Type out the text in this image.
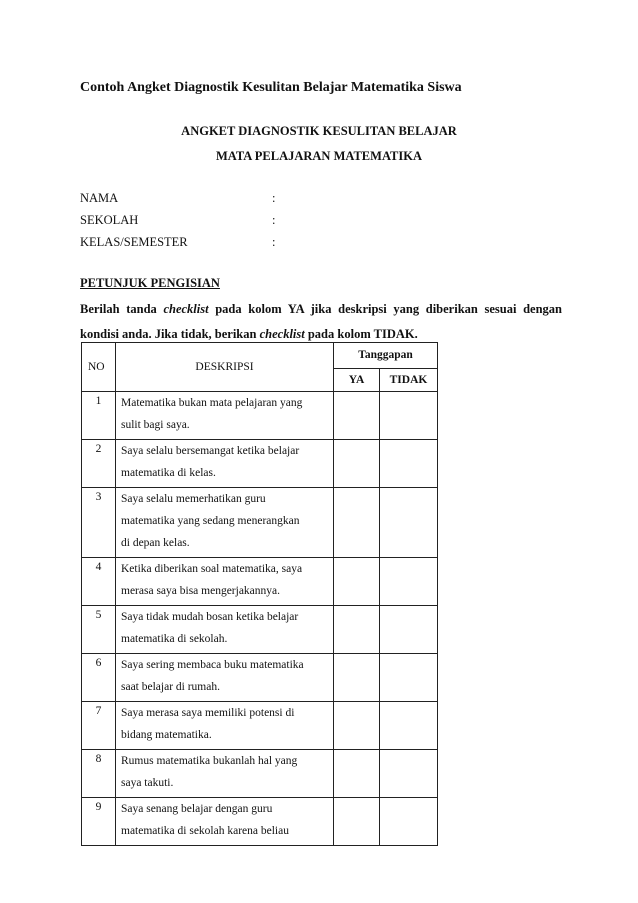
Contoh Angket Diagnostik Kesulitan Belajar Matematika Siswa
ANGKET DIAGNOSTIK KESULITAN BELAJAR
MATA PELAJARAN MATEMATIKA
NAMA	:
SEKOLAH	:
KELAS/SEMESTER	:
PETUNJUK PENGISIAN
Berilah tanda checklist pada kolom YA jika deskripsi yang diberikan sesuai dengan
kondisi anda. Jika tidak, berikan checklist pada kolom TIDAK.
NO	DESKRIPSI	Tanggapan	
		YA	TIDAK
1	Matematika bukan mata pelajaran yang
sulit bagi saya.		

2	Saya selalu bersemangat ketika belajar
matematika di kelas.		

3	Saya selalu memerhatikan guru
matematika yang sedang menerangkan
di depan kelas.		

4	Ketika diberikan soal matematika, saya
merasa saya bisa mengerjakannya.		

5	Saya tidak mudah bosan ketika belajar
matematika di sekolah.		

6	Saya sering membaca buku matematika
saat belajar di rumah.		

7	Saya merasa saya memiliki potensi di
bidang matematika.		

8	Rumus matematika bukanlah hal yang
saya takuti.		

9	Saya senang belajar dengan guru
matematika di sekolah karena beliau		
